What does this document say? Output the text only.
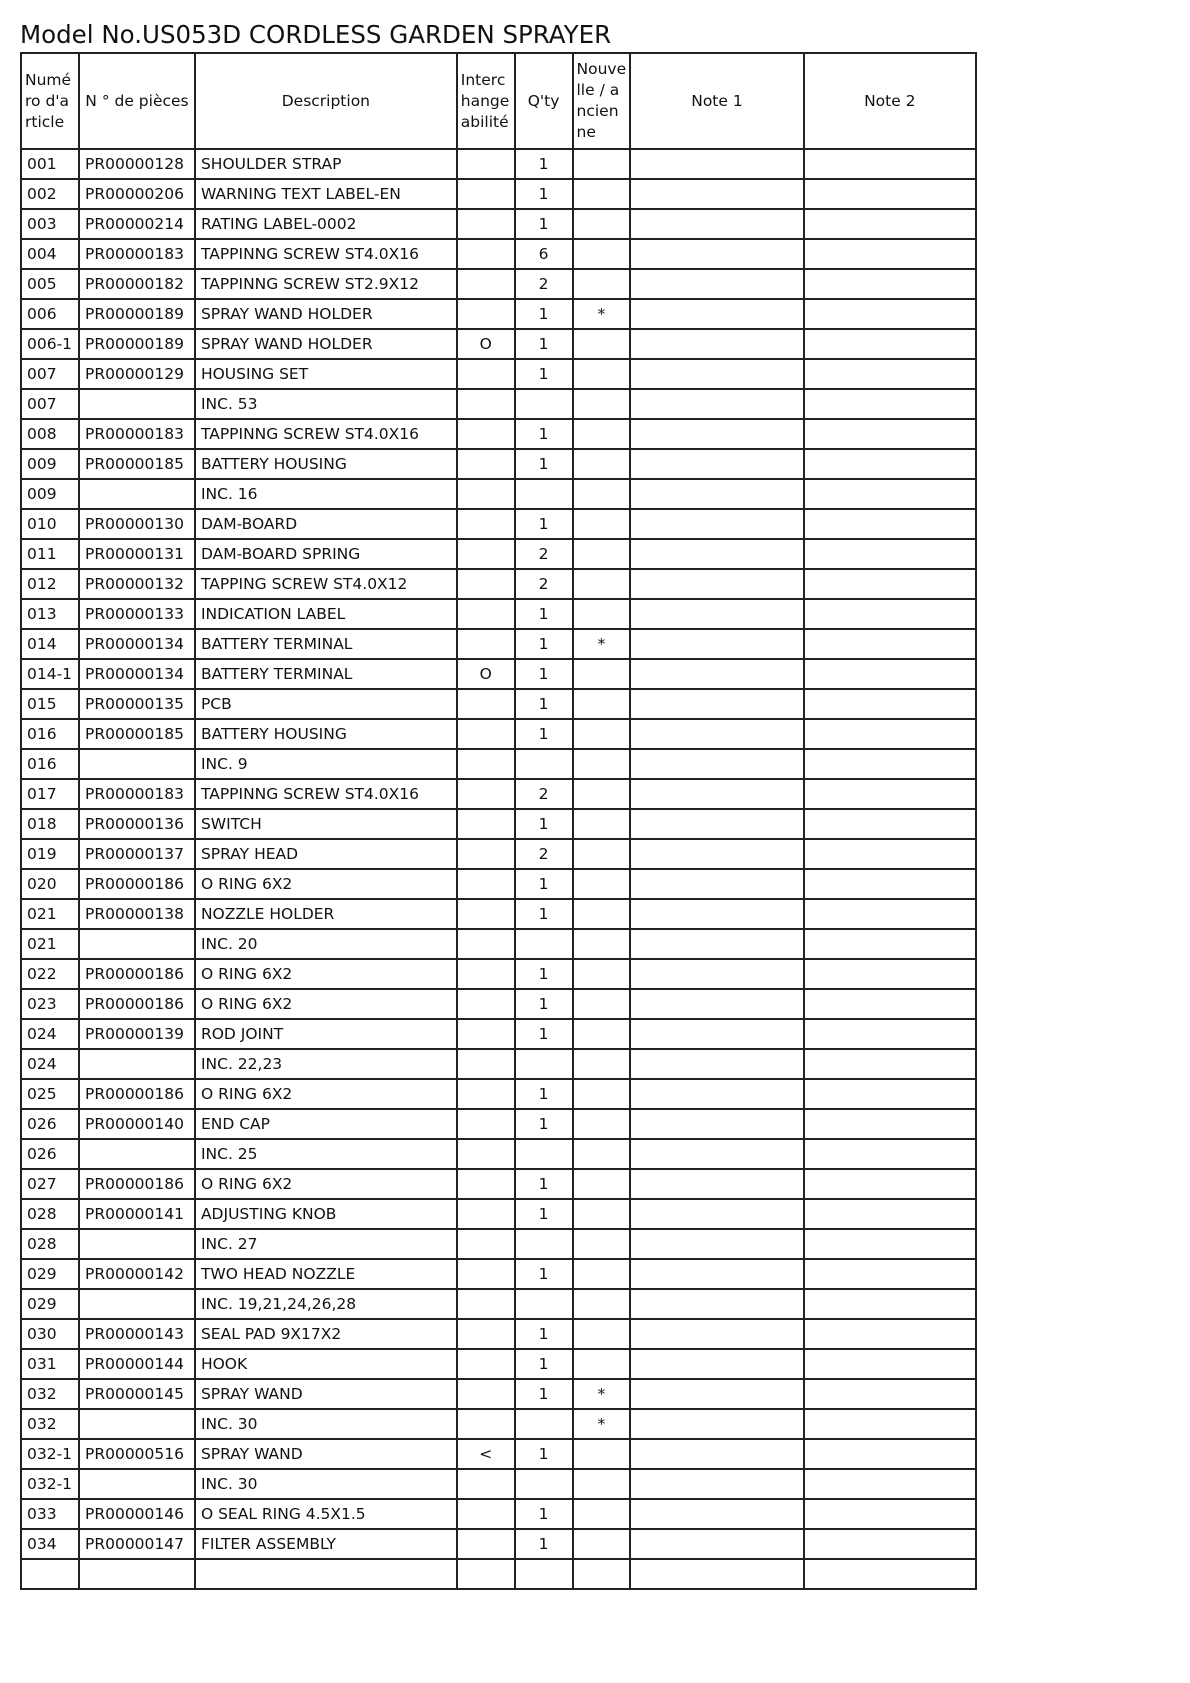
Model No.US053D CORDLESS GARDEN SPRAYER
Numéro d'article	N ° de pièces	Description	Interchangeabilité	Q'ty	Nouvelle / ancienne	Note 1	Note 2
001	PR00000128	SHOULDER STRAP		1			
002	PR00000206	WARNING TEXT LABEL-EN		1			
003	PR00000214	RATING LABEL-0002		1			
004	PR00000183	TAPPINNG SCREW ST4.0X16		6			
005	PR00000182	TAPPINNG SCREW ST2.9X12		2			
006	PR00000189	SPRAY WAND HOLDER		1	*		
006-1	PR00000189	SPRAY WAND HOLDER	O	1			
007	PR00000129	HOUSING SET		1			
007		INC. 53					
008	PR00000183	TAPPINNG SCREW ST4.0X16		1			
009	PR00000185	BATTERY HOUSING		1			
009		INC. 16					
010	PR00000130	DAM-BOARD		1			
011	PR00000131	DAM-BOARD SPRING		2			
012	PR00000132	TAPPING SCREW ST4.0X12		2			
013	PR00000133	INDICATION LABEL		1			
014	PR00000134	BATTERY TERMINAL		1	*		
014-1	PR00000134	BATTERY TERMINAL	O	1			
015	PR00000135	PCB		1			
016	PR00000185	BATTERY HOUSING		1			
016		INC. 9					
017	PR00000183	TAPPINNG SCREW ST4.0X16		2			
018	PR00000136	SWITCH		1			
019	PR00000137	SPRAY HEAD		2			
020	PR00000186	O RING 6X2		1			
021	PR00000138	NOZZLE HOLDER		1			
021		INC. 20					
022	PR00000186	O RING 6X2		1			
023	PR00000186	O RING 6X2		1			
024	PR00000139	ROD JOINT		1			
024		INC. 22,23					
025	PR00000186	O RING 6X2		1			
026	PR00000140	END CAP		1			
026		INC. 25					
027	PR00000186	O RING 6X2		1			
028	PR00000141	ADJUSTING KNOB		1			
028		INC. 27					
029	PR00000142	TWO HEAD NOZZLE		1			
029		INC. 19,21,24,26,28					
030	PR00000143	SEAL PAD 9X17X2		1			
031	PR00000144	HOOK		1			
032	PR00000145	SPRAY WAND		1	*		
032		INC. 30			*		
032-1	PR00000516	SPRAY WAND	<	1			
032-1		INC. 30					
033	PR00000146	O SEAL RING 4.5X1.5		1			
034	PR00000147	FILTER ASSEMBLY		1			
